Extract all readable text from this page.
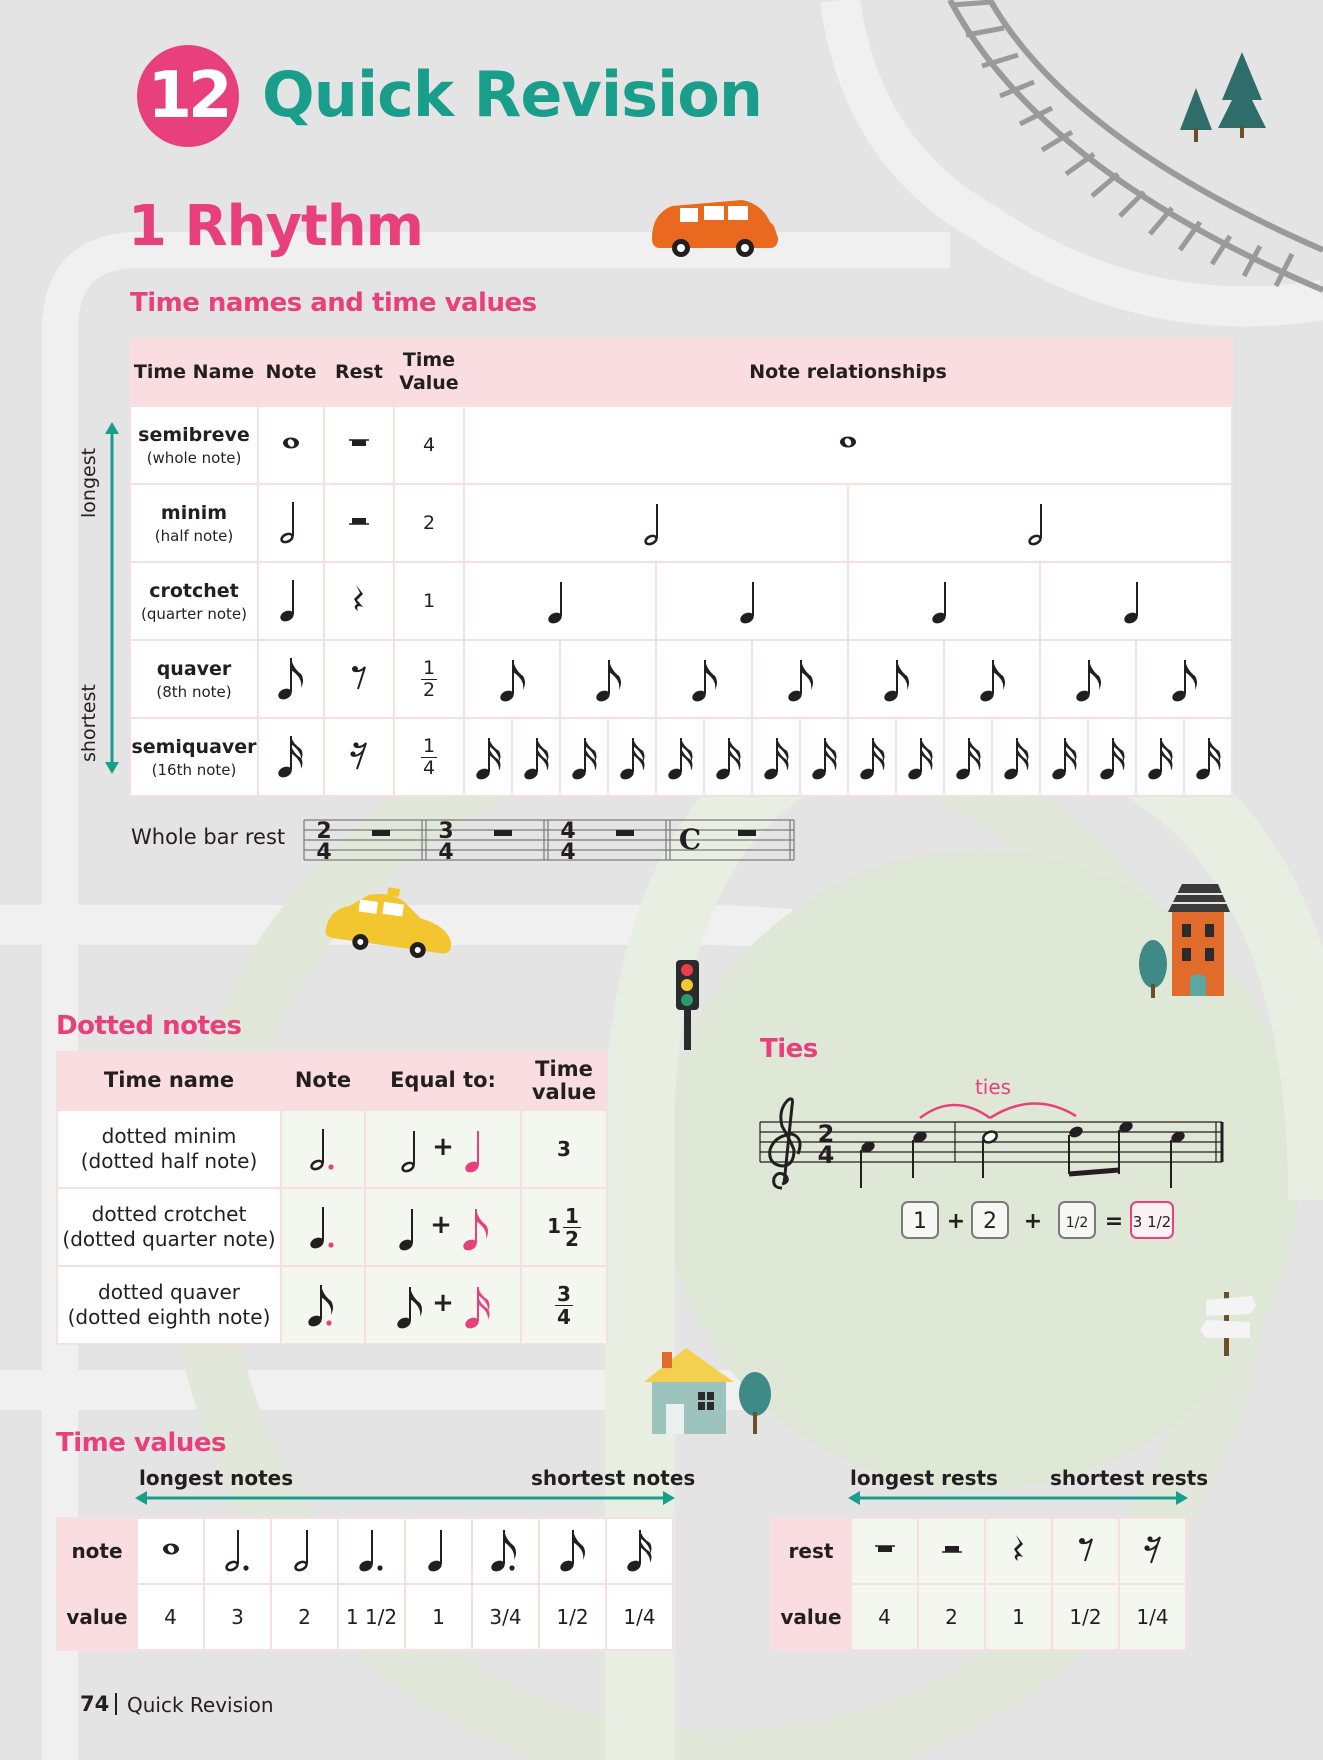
12 Quick Revision
1 Rhythm
Time names and time values
longest
shortest
Time Name	Note	Rest	Time Value	Note relationships

semibreve
(whole note)			4	

minim
(half note)			2	

crotchet
(quarter note)			1	

quaver
(8th note)			$\frac{1}{2}$

semiquaver
(16th note)			$\frac{1}{4}$

Whole bar rest 2
4
3
4
4
4	C
Dotted notes
Time name	Note	Equal to:	Time value

dotted minim
(dotted half note)		+	3

dotted crotchet
(dotted quarter note)		+	$1 \frac{1}{2}$

dotted quaver
(dotted eighth note)		+	$\frac{3}{4}$
Ties
ties
2
4
1 + 2 + 1/2 = 3 1/2
Time values
longest notes	shortest notes	longest rests	shortest rests
note								
value	4	3	2	1 1/2	1	3/4	1/2	1/4
rest					
value	4	2	1	1/2	1/4
74 Quick Revision
